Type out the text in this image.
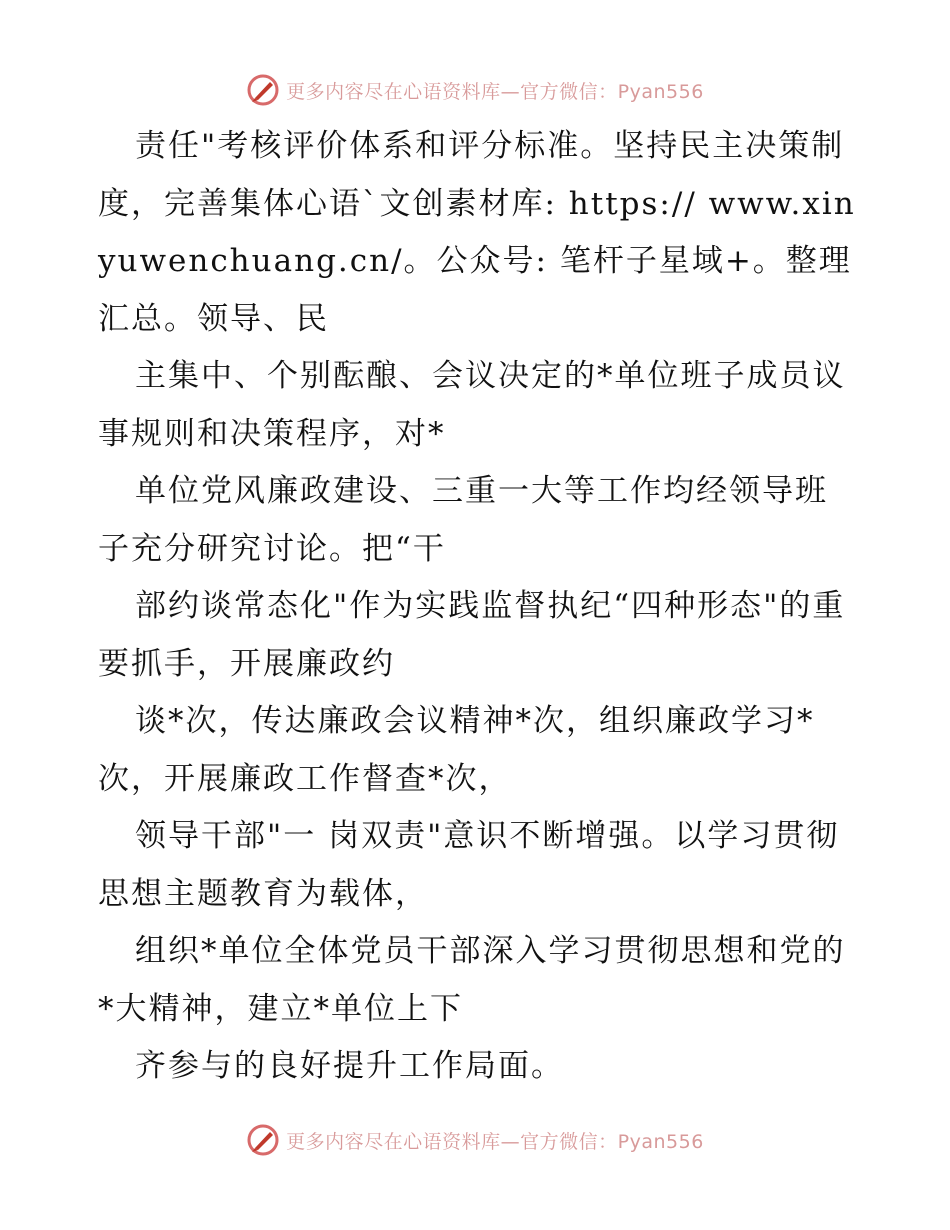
更多内容尽在心语资料库—官方微信：Pyan556

责任"考核评价体系和评分标准。坚持民主决策制度，完善集体心语`文创素材库: https:// www.xinyuwenchuang.cn/。公众号: 笔杆子星域+。整理汇总。领导、民

主集中、个别酝酿、会议决定的*单位班子成员议事规则和决策程序，对*

单位党风廉政建设、三重一大等工作均经领导班子充分研究讨论。把“干

部约谈常态化"作为实践监督执纪“四种形态"的重要抓手，开展廉政约

谈*次，传达廉政会议精神*次，组织廉政学习*次，开展廉政工作督查*次，

领导干部"一 岗双责"意识不断增强。以学习贯彻思想主题教育为载体，

组织*单位全体党员干部深入学习贯彻思想和党的*大精神，建立*单位上下

齐参与的良好提升工作局面。

更多内容尽在心语资料库—官方微信：Pyan556
